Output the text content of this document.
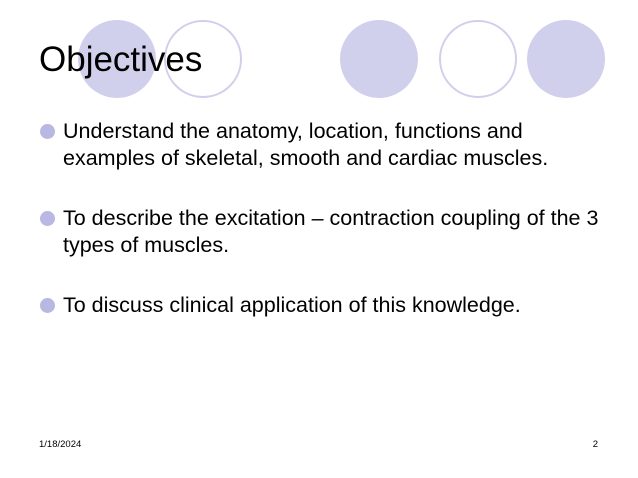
Objectives
Understand the anatomy, location, functions and examples of skeletal, smooth and cardiac muscles.
To describe the excitation – contraction coupling of the 3 types of muscles.
To discuss clinical application of this knowledge.
1/18/2024	2
